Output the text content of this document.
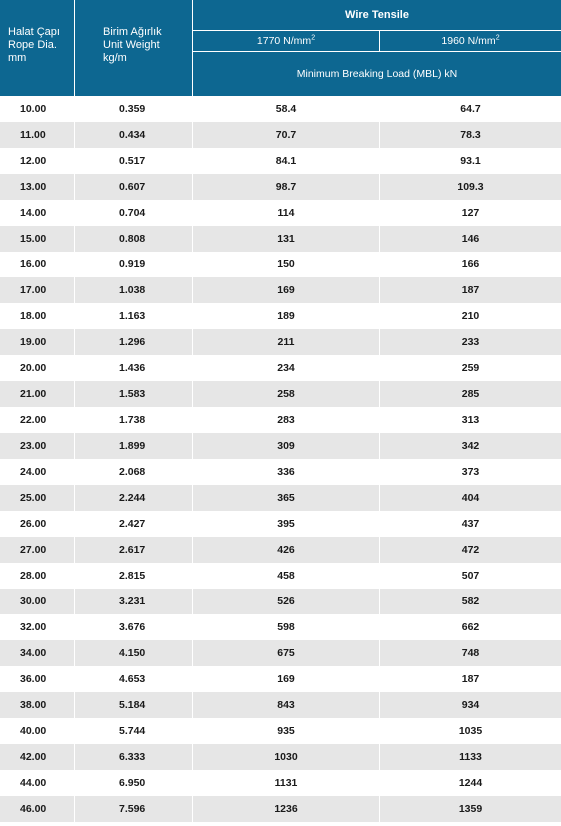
Halat Çapı
Rope Dia.
mm
Birim Ağırlık
Unit Weight
kg/m
Wire Tensile
1770 $N/mm^2$	1960 $N/mm^2$
Minimum Breaking Load (MBL) kN
10.00	0.359	58.4	64.7
11.00	0.434	70.7	78.3
12.00	0.517	84.1	93.1
13.00	0.607	98.7	109.3
14.00	0.704	114	127
15.00	0.808	131	146
16.00	0.919	150	166
17.00	1.038	169	187
18.00	1.163	189	210
19.00	1.296	211	233
20.00	1.436	234	259
21.00	1.583	258	285
22.00	1.738	283	313
23.00	1.899	309	342
24.00	2.068	336	373
25.00	2.244	365	404
26.00	2.427	395	437
27.00	2.617	426	472
28.00	2.815	458	507
30.00	3.231	526	582
32.00	3.676	598	662
34.00	4.150	675	748
36.00	4.653	169	187
38.00	5.184	843	934
40.00	5.744	935	1035
42.00	6.333	1030	1133
44.00	6.950	1131	1244
46.00	7.596	1236	1359
